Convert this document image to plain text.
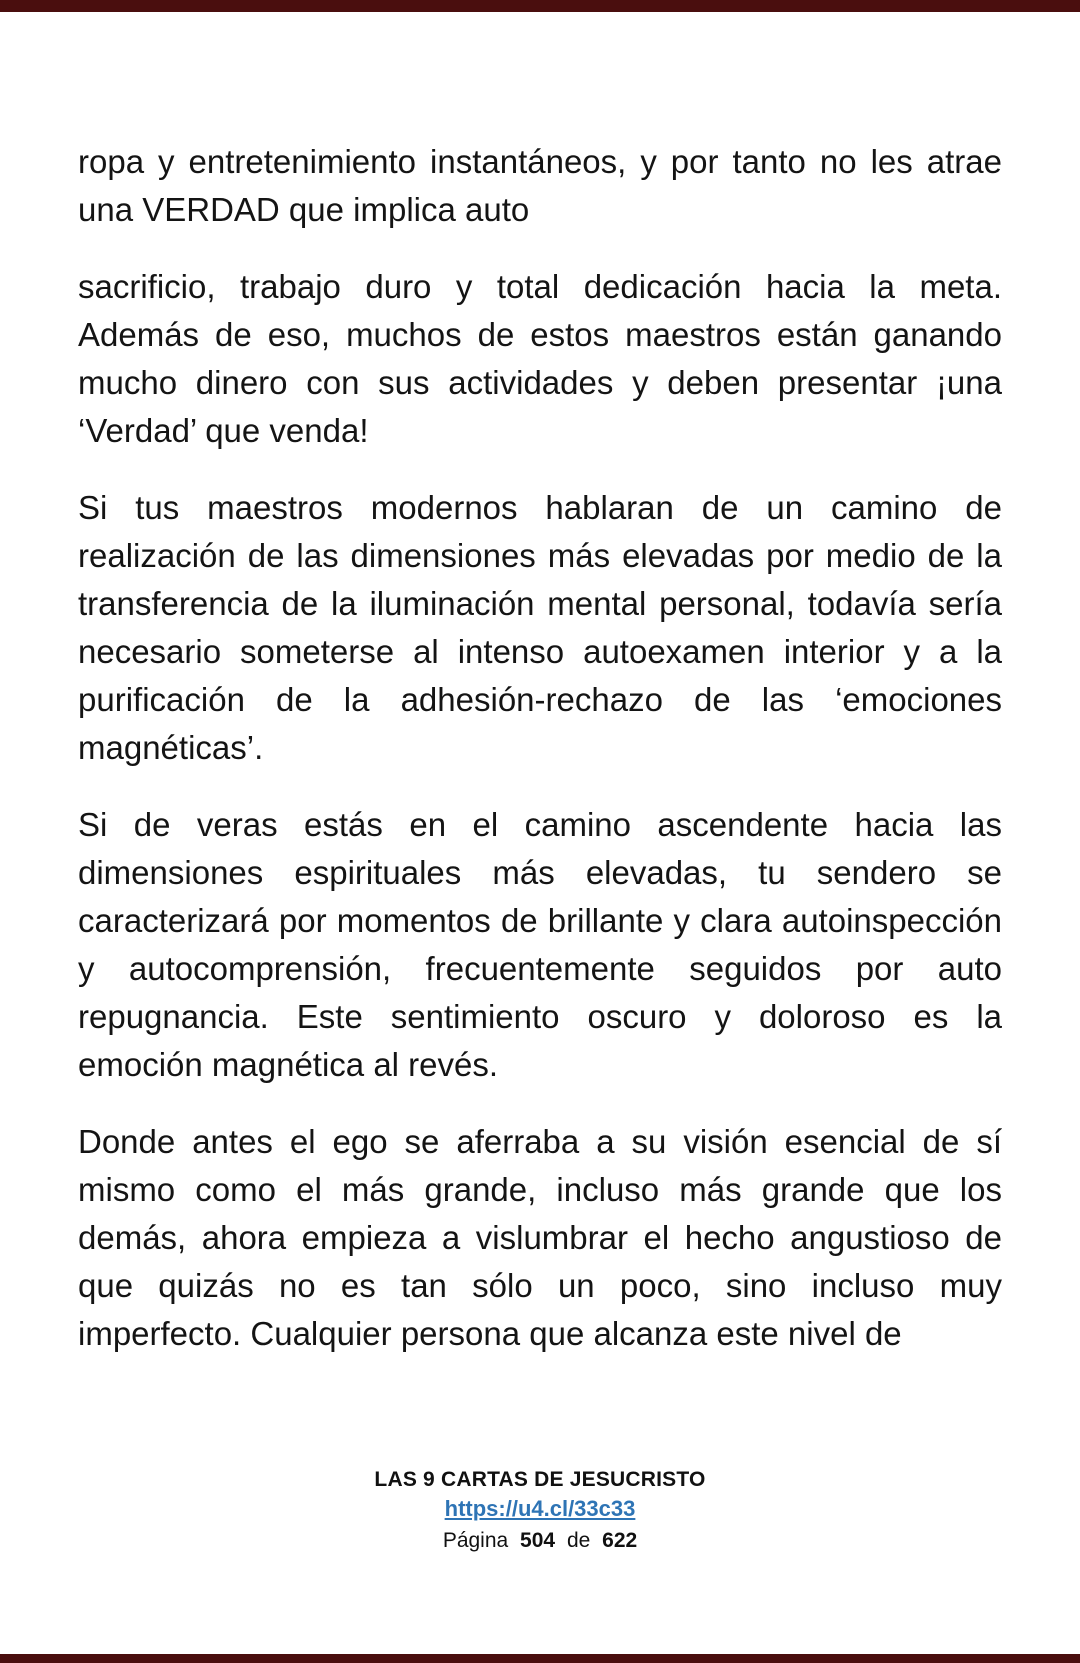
ropa y entretenimiento instantáneos, y por tanto no les atrae una VERDAD que implica auto

sacrificio, trabajo duro y total dedicación hacia la meta. Además de eso, muchos de estos maestros están ganando mucho dinero con sus actividades y deben presentar ¡una ‘Verdad’ que venda!

Si tus maestros modernos hablaran de un camino de realización de las dimensiones más elevadas por medio de la transferencia de la iluminación mental personal, todavía sería necesario someterse al intenso autoexamen interior y a la purificación de la adhesión-rechazo de las ‘emociones magnéticas’.

Si de veras estás en el camino ascendente hacia las dimensiones espirituales más elevadas, tu sendero se caracterizará por momentos de brillante y clara autoinspección y autocomprensión, frecuentemente seguidos por auto repugnancia. Este sentimiento oscuro y doloroso es la emoción magnética al revés.

Donde antes el ego se aferraba a su visión esencial de sí mismo como el más grande, incluso más grande que los demás, ahora empieza a vislumbrar el hecho angustioso de que quizás no es tan sólo un poco, sino incluso muy imperfecto. Cualquier persona que alcanza este nivel de

LAS 9 CARTAS DE JESUCRISTO
https://u4.cl/33c33
Página 504 de 622
